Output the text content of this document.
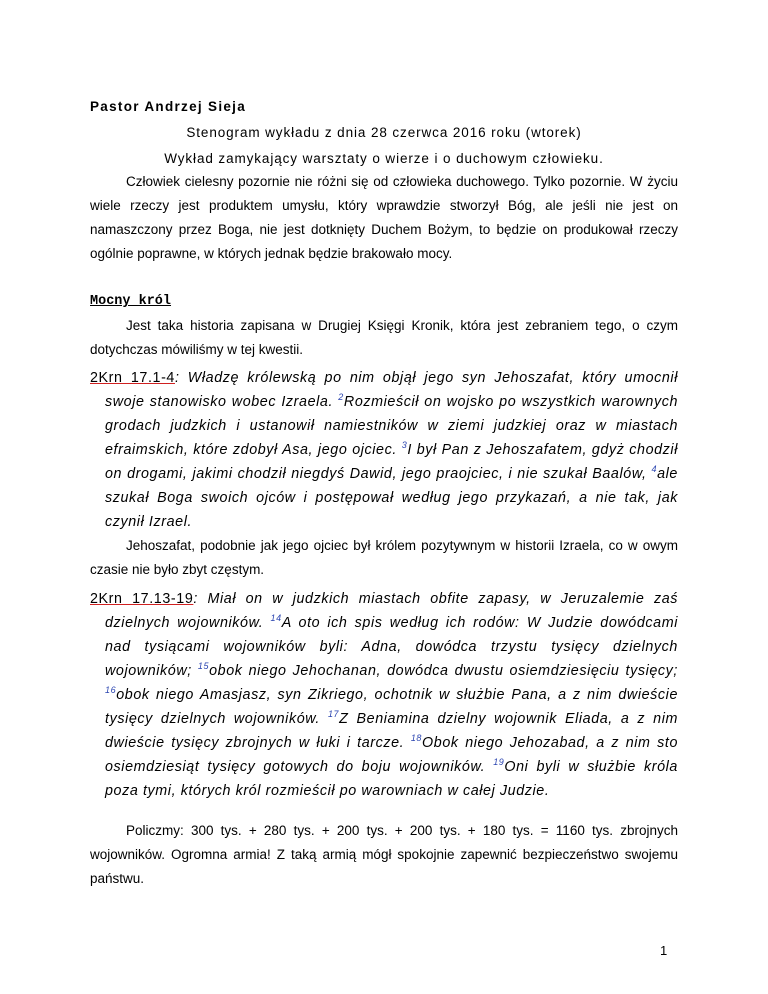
Pastor Andrzej Sieja
Stenogram wykładu z dnia 28 czerwca 2016 roku (wtorek)
Wykład zamykający warsztaty o wierze i o duchowym człowieku.
Człowiek cielesny pozornie nie różni się od człowieka duchowego. Tylko pozornie. W życiu wiele rzeczy jest produktem umysłu, który wprawdzie stworzył Bóg, ale jeśli nie jest on namaszczony przez Boga, nie jest dotknięty Duchem Bożym, to będzie on produkował rzeczy ogólnie poprawne, w których jednak będzie brakowało mocy.
Mocny król
Jest taka historia zapisana w Drugiej Księgi Kronik, która jest zebraniem tego, o czym dotychczas mówiliśmy w tej kwestii.
2Krn 17.1-4: Władzę królewską po nim objął jego syn Jehoszafat, który umocnił swoje stanowisko wobec Izraela. $^2$Rozmieścił on wojsko po wszystkich warownych grodach judzkich i ustanowił namiestników w ziemi judzkiej oraz w miastach efraimskich, które zdobył Asa, jego ojciec. $^3$I był Pan z Jehoszafatem, gdyż chodził on drogami, jakimi chodził niegdyś Dawid, jego praojciec, i nie szukał Baalów, $^4$ale szukał Boga swoich ojców i postępował według jego przykazań, a nie tak, jak czynił Izrael.
Jehoszafat, podobnie jak jego ojciec był królem pozytywnym w historii Izraela, co w owym czasie nie było zbyt częstym.
2Krn 17.13-19: Miał on w judzkich miastach obfite zapasy, w Jeruzalemie zaś dzielnych wojowników. $^{14}$A oto ich spis według ich rodów: W Judzie dowódcami nad tysiącami wojowników byli: Adna, dowódca trzystu tysięcy dzielnych wojowników; $^{15}$obok niego Jehochanan, dowódca dwustu osiemdziesięciu tysięcy; $^{16}$obok niego Amasjasz, syn Zikriego, ochotnik w służbie Pana, a z nim dwieście tysięcy dzielnych wojowników. $^{17}$Z Beniamina dzielny wojownik Eliada, a z nim dwieście tysięcy zbrojnych w łuki i tarcze. $^{18}$Obok niego Jehozabad, a z nim sto osiemdziesiąt tysięcy gotowych do boju wojowników. $^{19}$Oni byli w służbie króla poza tymi, których król rozmieścił po warowniach w całej Judzie.
Policzmy: 300 tys. + 280 tys. + 200 tys. + 200 tys. + 180 tys. = 1160 tys. zbrojnych wojowników. Ogromna armia! Z taką armią mógł spokojnie zapewnić bezpieczeństwo swojemu państwu.
1
